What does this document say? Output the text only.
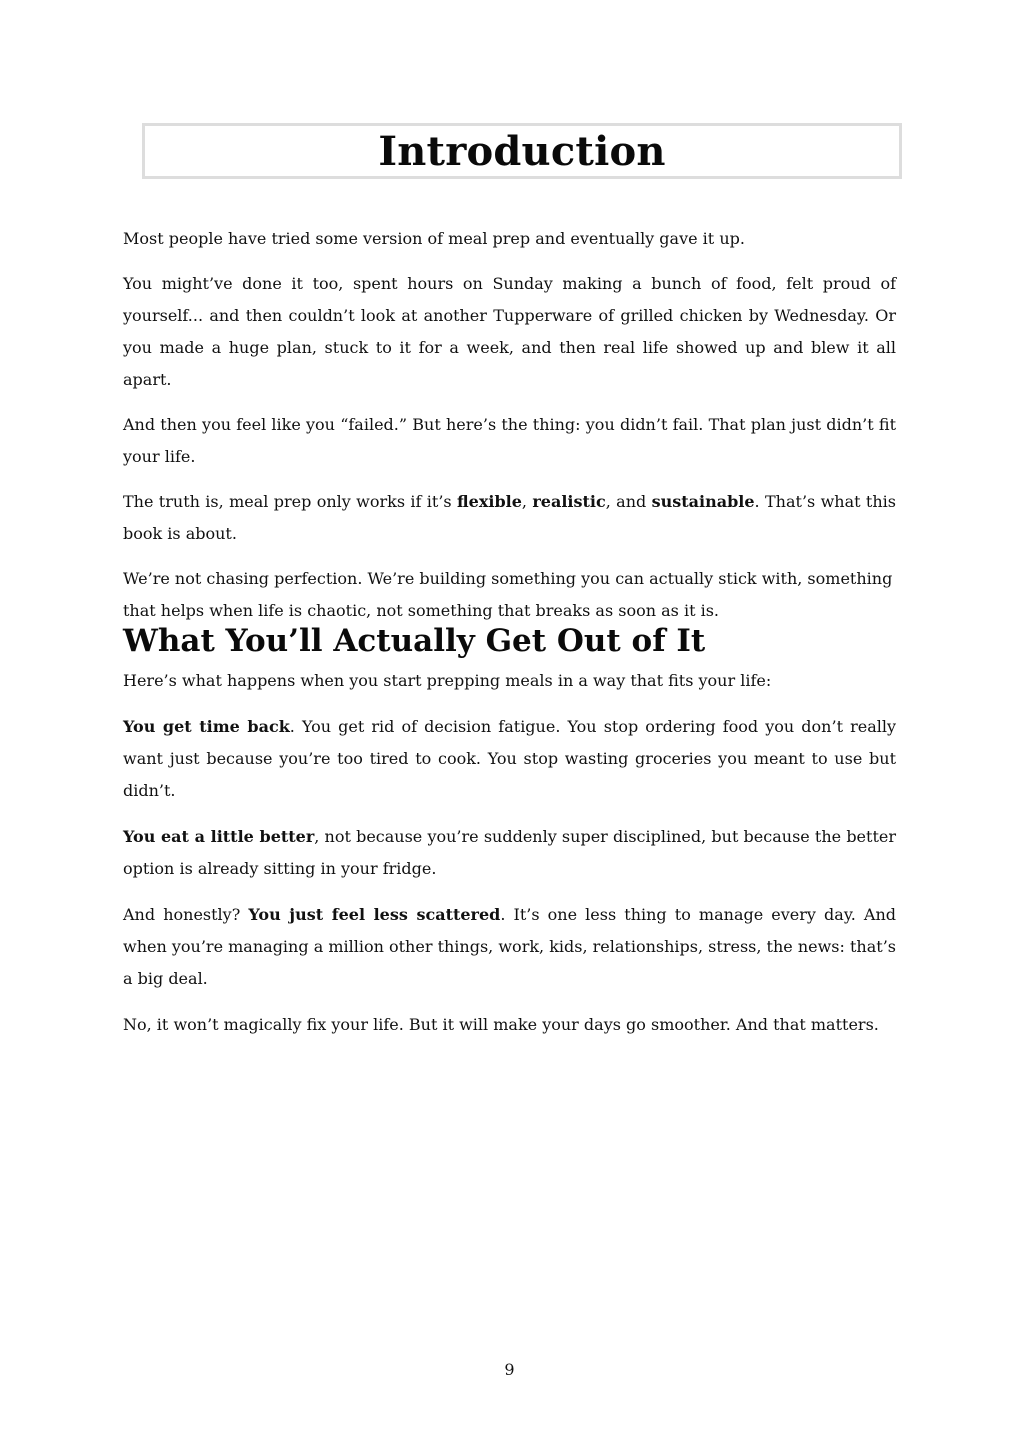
Introduction

Most people have tried some version of meal prep and eventually gave it up.

You might’ve done it too, spent hours on Sunday making a bunch of food, felt proud of yourself... and then couldn’t look at another Tupperware of grilled chicken by Wednesday. Or you made a huge plan, stuck to it for a week, and then real life showed up and blew it all apart.

And then you feel like you “failed.” But here’s the thing: you didn’t fail. That plan just didn’t fit your life.

The truth is, meal prep only works if it’s flexible, realistic, and sustainable. That’s what this book is about.

We’re not chasing perfection. We’re building something you can actually stick with, something that helps when life is chaotic, not something that breaks as soon as it is.

What You’ll Actually Get Out of It

Here’s what happens when you start prepping meals in a way that fits your life:

You get time back. You get rid of decision fatigue. You stop ordering food you don’t really want just because you’re too tired to cook. You stop wasting groceries you meant to use but didn’t.

You eat a little better, not because you’re suddenly super disciplined, but because the better option is already sitting in your fridge.

And honestly? You just feel less scattered. It’s one less thing to manage every day. And when you’re managing a million other things, work, kids, relationships, stress, the news: that’s a big deal.

No, it won’t magically fix your life. But it will make your days go smoother. And that matters.

9
